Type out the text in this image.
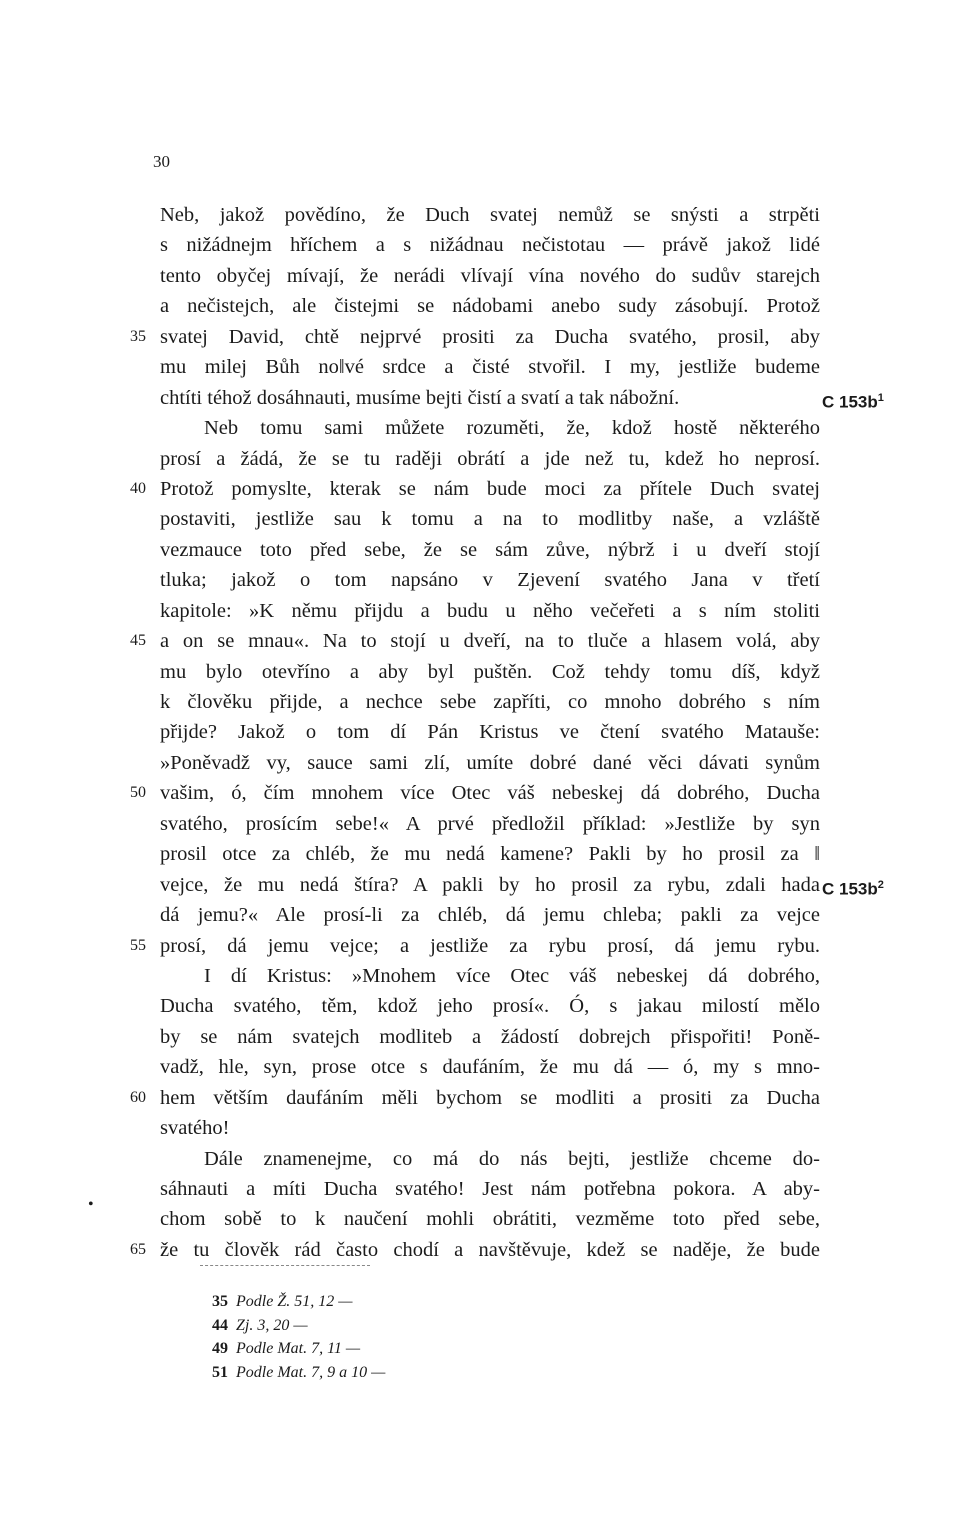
30
Neb, jakož povědíno, že Duch svatej nemůž se snýsti a strpěti
s nižádnejm hříchem a s nižádnau nečistotau — právě jakož lidé
tento obyčej mívají, že nerádi vlívají vína nového do sudův starejch
a nečistejch, ale čistejmi se nádobami anebo sudy zásobují. Protož
svatej David, chtě nejprvé prositi za Ducha svatého, prosil, aby
35
mu milej Bůh no‖vé srdce a čisté stvořil. I my, jestliže budeme
chtíti téhož dosáhnauti, musíme bejti čistí a svatí a tak nábožní.	C $153b^1$
Neb tomu sami můžete rozuměti, že, kdož hostě některého
prosí a žádá, že se tu raději obrátí a jde než tu, kdež ho neprosí.
Protož pomyslte, kterak se nám bude moci za přítele Duch svatej
40
postaviti, jestliže sau k tomu a na to modlitby naše, a vzláště
vezmauce toto před sebe, že se sám zůve, nýbrž i u dveří stojí
tluka; jakož o tom napsáno v Zjevení svatého Jana v třetí
kapitole: »K němu přijdu a budu u něho večeřeti a s ním stoliti
a on se mnau«. Na to stojí u dveří, na to tluče a hlasem volá, aby
45
mu bylo otevříno a aby byl puštěn. Což tehdy tomu díš, když
k člověku přijde, a nechce sebe zapříti, co mnoho dobrého s ním
přijde? Jakož o tom dí Pán Kristus ve čtení svatého Matauše:
»Poněvadž vy, sauce sami zlí, umíte dobré dané věci dávati synům
vašim, ó, čím mnohem více Otec váš nebeskej dá dobrého, Ducha
50
svatého, prosícím sebe!« A prvé předložil příklad: »Jestliže by syn
prosil otce za chléb, že mu nedá kamene? Pakli by ho prosil za ‖
vejce, že mu nedá štíra? A pakli by ho prosil za rybu, zdali hada C $153b^2$
dá jemu?« Ale prosí-li za chléb, dá jemu chleba; pakli za vejce
prosí, dá jemu vejce; a jestliže za rybu prosí, dá jemu rybu.
55
I dí Kristus: »Mnohem více Otec váš nebeskej dá dobrého,
Ducha svatého, těm, kdož jeho prosí«. Ó, s jakau milostí mělo
by se nám svatejch modliteb a žádostí dobrejch přispořiti! Poně-
vadž, hle, syn, prose otce s daufáním, že mu dá — ó, my s mno-
hem větším daufáním měli bychom se modliti a prositi za Ducha
60
svatého!
Dále znamenejme, co má do nás bejti, jestliže chceme do-
sáhnauti a míti Ducha svatého! Jest nám potřebna pokora. A aby-
chom sobě to k naučení mohli obrátiti, vezměme toto před sebe,
že tu člověk rád často chodí a navštěvuje, kdež se naděje, že bude
65
•
35 Podle Ž. 51, 12 —
44 Zj. 3, 20 —
49 Podle Mat. 7, 11 —
51 Podle Mat. 7, 9 a 10 —
